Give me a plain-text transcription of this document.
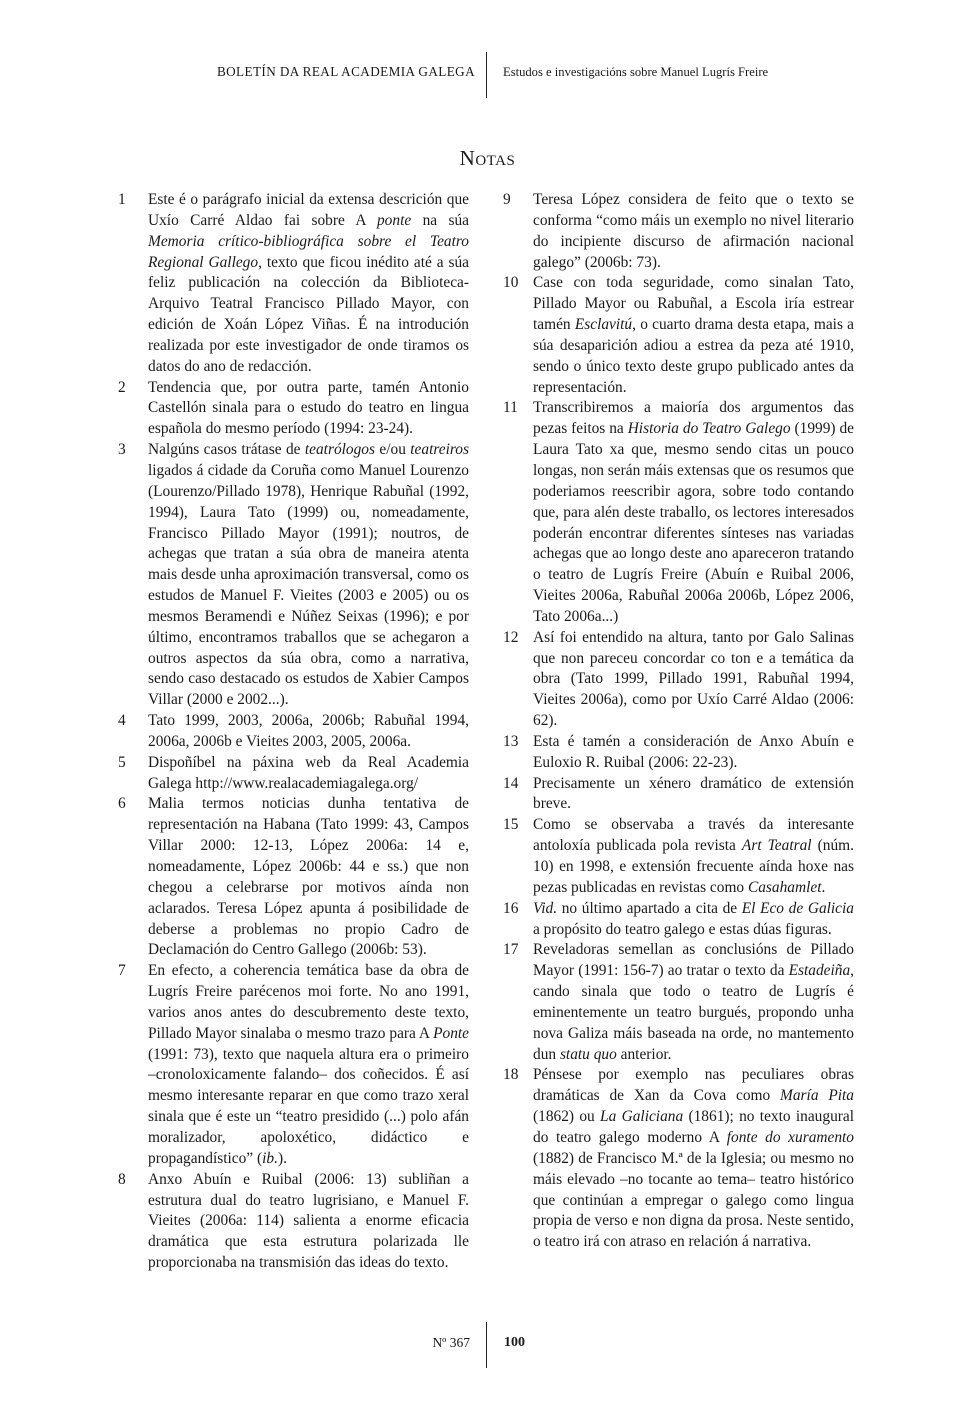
BOLETÍN DA REAL ACADEMIA GALEGA Estudos e investigacións sobre Manuel Lugrís Freire
Notas
1	Este é o parágrafo inicial da extensa descrición que Uxío Carré Aldao fai sobre A ponte na súa Memoria crítico-bibliográfica sobre el Teatro Regional Gallego, texto que ficou inédito até a súa feliz publicación na colección da Biblioteca-Arquivo Teatral Francisco Pillado Mayor, con edición de Xoán López Viñas. É na introdución realizada por este investigador de onde tiramos os datos do ano de redacción.
2	Tendencia que, por outra parte, tamén Antonio Castellón sinala para o estudo do teatro en lingua española do mesmo período (1994: 23-24).
3	Nalgúns casos trátase de teatrólogos e/ou teatreiros ligados á cidade da Coruña como Manuel Lourenzo (Lourenzo/Pillado 1978), Henrique Rabuñal (1992, 1994), Laura Tato (1999) ou, nomeadamente, Francisco Pillado Mayor (1991); noutros, de achegas que tratan a súa obra de maneira atenta mais desde unha aproximación transversal, como os estudos de Manuel F. Vieites (2003 e 2005) ou os mesmos Beramendi e Núñez Seixas (1996); e por último, encontramos traballos que se achegaron a outros aspectos da súa obra, como a narrativa, sendo caso destacado os estudos de Xabier Campos Villar (2000 e 2002...).
4	Tato 1999, 2003, 2006a, 2006b; Rabuñal 1994, 2006a, 2006b e Vieites 2003, 2005, 2006a.
5	Dispoñíbel na páxina web da Real Academia Galega http://www.realacademiagalega.org/
6	Malia termos noticias dunha tentativa de representación na Habana (Tato 1999: 43, Campos Villar 2000: 12-13, López 2006a: 14 e, nomeadamente, López 2006b: 44 e ss.) que non chegou a celebrarse por motivos aínda non aclarados. Teresa López apunta á posibilidade de deberse a problemas no propio Cadro de Declamación do Centro Gallego (2006b: 53).
7	En efecto, a coherencia temática base da obra de Lugrís Freire parécenos moi forte. No ano 1991, varios anos antes do descubremento deste texto, Pillado Mayor sinalaba o mesmo trazo para A Ponte (1991: 73), texto que naquela altura era o primeiro –cronoloxicamente falando– dos coñecidos. É así mesmo interesante reparar en que como trazo xeral sinala que é este un “teatro presidido (...) polo afán moralizador, apoloxético, didáctico e propagandístico” (ib.).
8	Anxo Abuín e Ruibal (2006: 13) subliñan a estrutura dual do teatro lugrisiano, e Manuel F. Vieites (2006a: 114) salienta a enorme eficacia dramática que esta estrutura polarizada lle proporcionaba na transmisión das ideas do texto.
9	Teresa López considera de feito que o texto se conforma “como máis un exemplo no nivel literario do incipiente discurso de afirmación nacional galego” (2006b: 73).
10 Case con toda seguridade, como sinalan Tato, Pillado Mayor ou Rabuñal, a Escola iría estrear tamén Esclavitú, o cuarto drama desta etapa, mais a súa desaparición adiou a estrea da peza até 1910, sendo o único texto deste grupo publicado antes da representación.
11 Transcribiremos a maioría dos argumentos das pezas feitos na Historia do Teatro Galego (1999) de Laura Tato xa que, mesmo sendo citas un pouco longas, non serán máis extensas que os resumos que poderiamos reescribir agora, sobre todo contando que, para alén deste traballo, os lectores interesados poderán encontrar diferentes sínteses nas variadas achegas que ao longo deste ano apareceron tratando o teatro de Lugrís Freire (Abuín e Ruibal 2006, Vieites 2006a, Rabuñal 2006a 2006b, López 2006, Tato 2006a...)
12 Así foi entendido na altura, tanto por Galo Salinas que non pareceu concordar co ton e a temática da obra (Tato 1999, Pillado 1991, Rabuñal 1994, Vieites 2006a), como por Uxío Carré Aldao (2006: 62).
13 Esta é tamén a consideración de Anxo Abuín e Euloxio R. Ruibal (2006: 22-23).
14 Precisamente un xénero dramático de extensión breve.
15 Como se observaba a través da interesante antoloxía publicada pola revista Art Teatral (núm. 10) en 1998, e extensión frecuente aínda hoxe nas pezas publicadas en revistas como Casahamlet.
16 Vid. no último apartado a cita de El Eco de Galicia a propósito do teatro galego e estas dúas figuras.
17 Reveladoras semellan as conclusións de Pillado Mayor (1991: 156-7) ao tratar o texto da Estadeiña, cando sinala que todo o teatro de Lugrís é eminentemente un teatro burgués, propondo unha nova Galiza máis baseada na orde, no mantemento dun statu quo anterior.
18 Pénsese por exemplo nas peculiares obras dramáticas de Xan da Cova como María Pita (1862) ou La Galiciana (1861); no texto inaugural do teatro galego moderno A fonte do xuramento (1882) de Francisco M.ª de la Iglesia; ou mesmo no máis elevado –no tocante ao tema– teatro histórico que continúan a empregar o galego como lingua propia de verso e non digna da prosa. Neste sentido, o teatro irá con atraso en relación á narrativa.
Nº 367 100
